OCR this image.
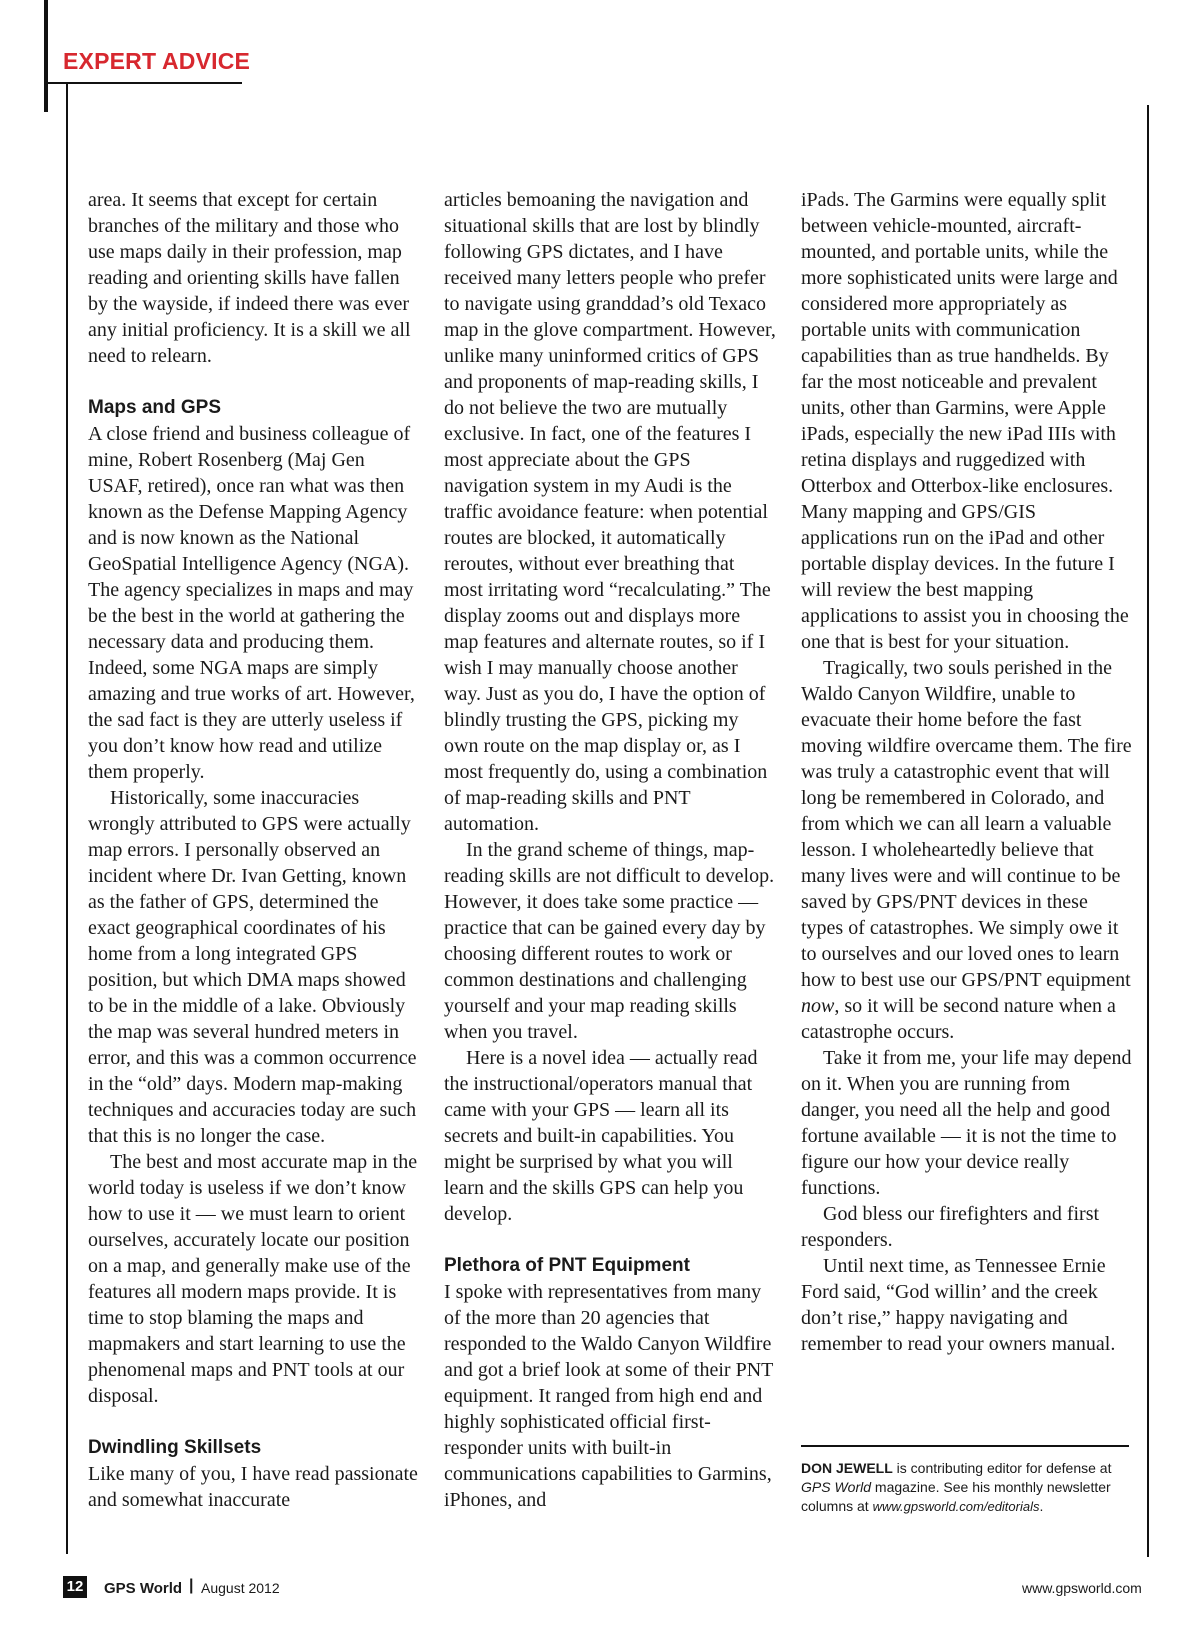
EXPERT ADVICE

area. It seems that except for certain branches of the military and those who use maps daily in their profession, map reading and orienting skills have fallen by the wayside, if indeed there was ever any initial proficiency. It is a skill we all need to relearn.

Maps and GPS

A close friend and business colleague of mine, Robert Rosenberg (Maj Gen USAF, retired), once ran what was then known as the Defense Mapping Agency and is now known as the National GeoSpatial Intelligence Agency (NGA). The agency specializes in maps and may be the best in the world at gathering the necessary data and producing them. Indeed, some NGA maps are simply amazing and true works of art. However, the sad fact is they are utterly useless if you don’t know how read and utilize them properly.

Historically, some inaccuracies wrongly attributed to GPS were actually map errors. I personally observed an incident where Dr. Ivan Getting, known as the father of GPS, determined the exact geographical coordinates of his home from a long integrated GPS position, but which DMA maps showed to be in the middle of a lake. Obviously the map was several hundred meters in error, and this was a common occurrence in the “old” days. Modern map-making techniques and accuracies today are such that this is no longer the case.

The best and most accurate map in the world today is useless if we don’t know how to use it — we must learn to orient ourselves, accurately locate our position on a map, and generally make use of the features all modern maps provide. It is time to stop blaming the maps and mapmakers and start learning to use the phenomenal maps and PNT tools at our disposal.

Dwindling Skillsets

Like many of you, I have read passionate and somewhat inaccurate

articles bemoaning the navigation and situational skills that are lost by blindly following GPS dictates, and I have received many letters people who prefer to navigate using granddad’s old Texaco map in the glove compartment. However, unlike many uninformed critics of GPS and proponents of map-reading skills, I do not believe the two are mutually exclusive. In fact, one of the features I most appreciate about the GPS navigation system in my Audi is the traffic avoidance feature: when potential routes are blocked, it automatically reroutes, without ever breathing that most irritating word “recalculating.” The display zooms out and displays more map features and alternate routes, so if I wish I may manually choose another way. Just as you do, I have the option of blindly trusting the GPS, picking my own route on the map display or, as I most frequently do, using a combination of map-reading skills and PNT automation.

In the grand scheme of things, map-reading skills are not difficult to develop. However, it does take some practice — practice that can be gained every day by choosing different routes to work or common destinations and challenging yourself and your map reading skills when you travel.

Here is a novel idea — actually read the instructional/operators manual that came with your GPS — learn all its secrets and built-in capabilities. You might be surprised by what you will learn and the skills GPS can help you develop.

Plethora of PNT Equipment

I spoke with representatives from many of the more than 20 agencies that responded to the Waldo Canyon Wildfire and got a brief look at some of their PNT equipment. It ranged from high end and highly sophisticated official first-responder units with built-in communications capabilities to Garmins, iPhones, and

iPads. The Garmins were equally split between vehicle-mounted, aircraft-mounted, and portable units, while the more sophisticated units were large and considered more appropriately as portable units with communication capabilities than as true handhelds. By far the most noticeable and prevalent units, other than Garmins, were Apple iPads, especially the new iPad IIIs with retina displays and ruggedized with Otterbox and Otterbox-like enclosures. Many mapping and GPS/GIS applications run on the iPad and other portable display devices. In the future I will review the best mapping applications to assist you in choosing the one that is best for your situation.

Tragically, two souls perished in the Waldo Canyon Wildfire, unable to evacuate their home before the fast moving wildfire overcame them. The fire was truly a catastrophic event that will long be remembered in Colorado, and from which we can all learn a valuable lesson. I wholeheartedly believe that many lives were and will continue to be saved by GPS/PNT devices in these types of catastrophes. We simply owe it to ourselves and our loved ones to learn how to best use our GPS/PNT equipment now, so it will be second nature when a catastrophe occurs.

Take it from me, your life may depend on it. When you are running from danger, you need all the help and good fortune available — it is not the time to figure our how your device really functions.

God bless our firefighters and first responders.

Until next time, as Tennessee Ernie Ford said, “God willin’ and the creek don’t rise,” happy navigating and remember to read your owners manual.

DON JEWELL is contributing editor for defense at GPS World magazine. See his monthly newsletter columns at www.gpsworld.com/editorials.
12 GPS World | August 2012	www.gpsworld.com
